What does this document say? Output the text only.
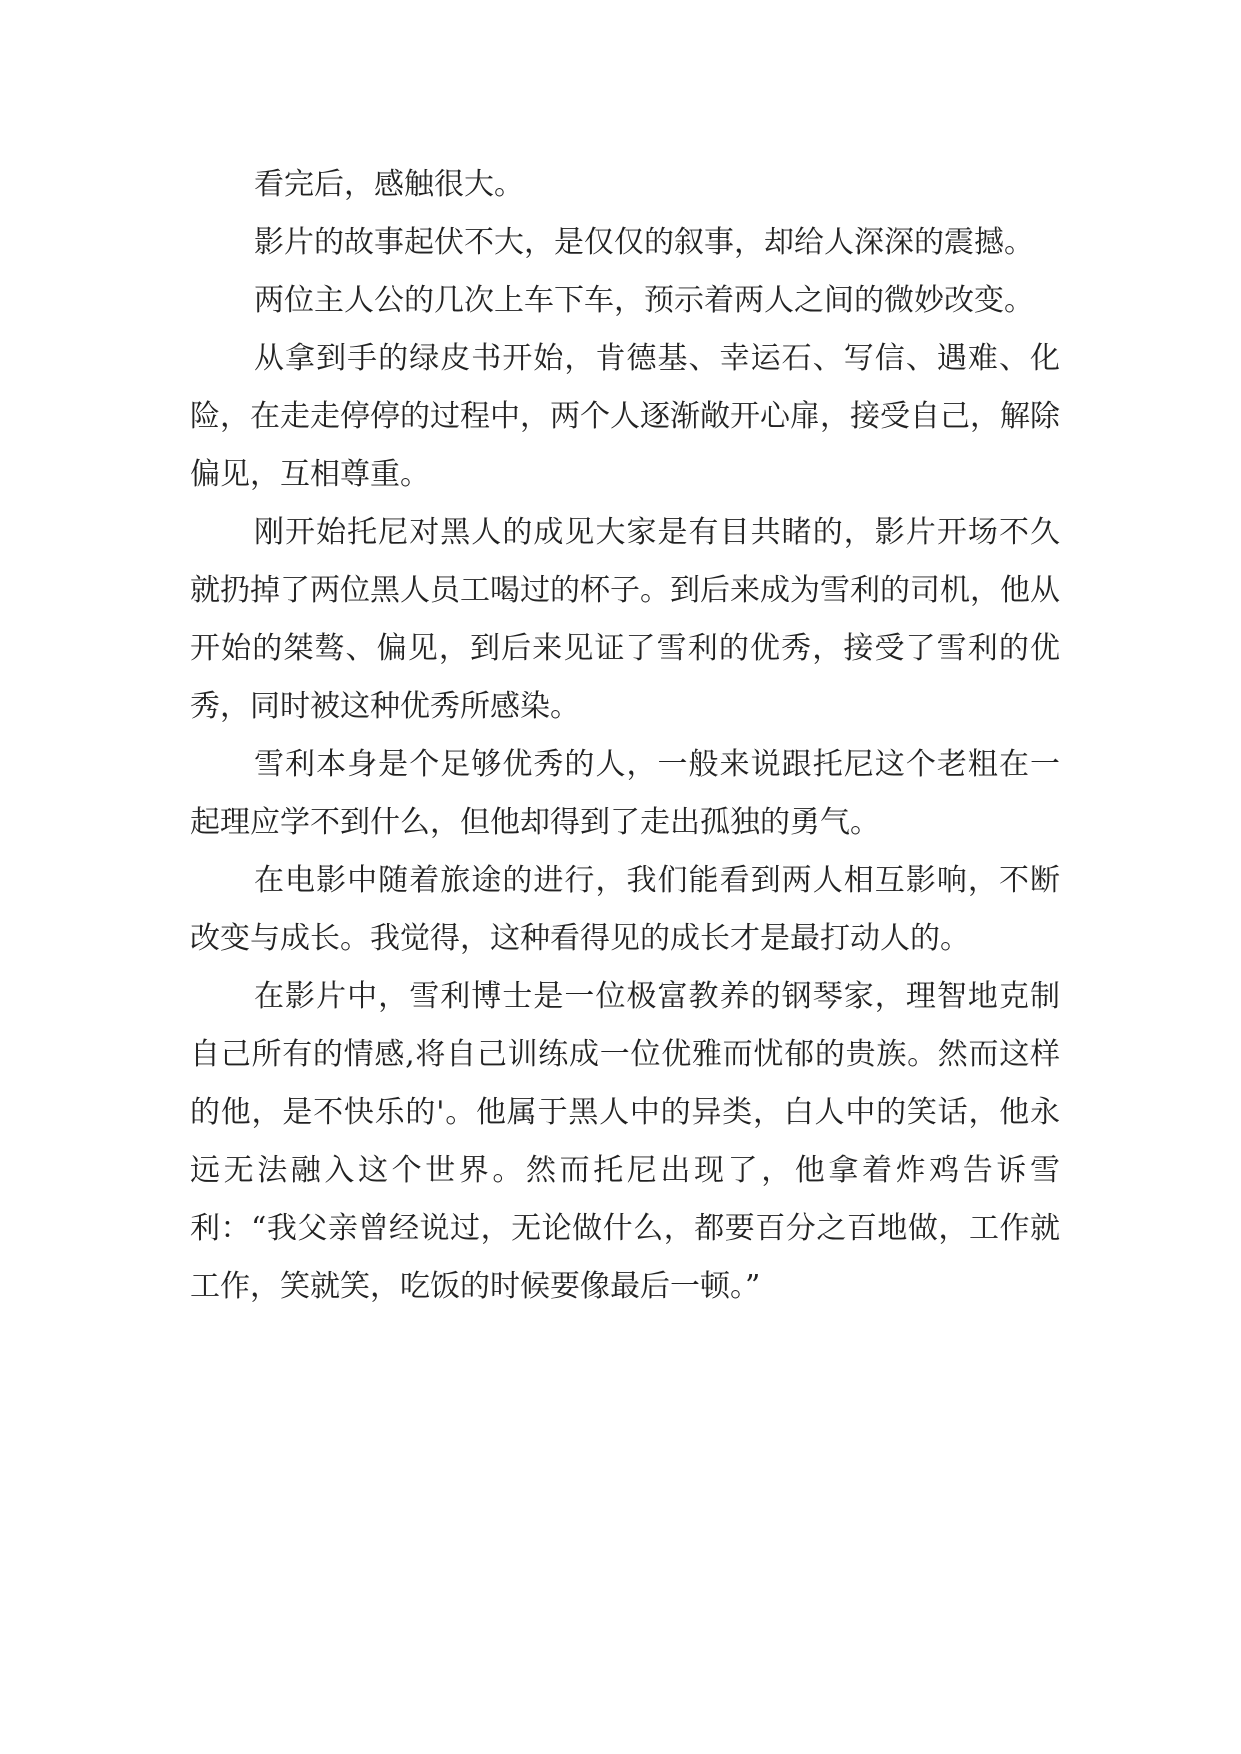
看完后，感触很大。

影片的故事起伏不大，是仅仅的叙事，却给人深深的震撼。

两位主人公的几次上车下车，预示着两人之间的微妙改变。

从拿到手的绿皮书开始，肯德基、幸运石、写信、遇难、化险，在走走停停的过程中，两个人逐渐敞开心扉，接受自己，解除偏见，互相尊重。

刚开始托尼对黑人的成见大家是有目共睹的，影片开场不久就扔掉了两位黑人员工喝过的杯子。到后来成为雪利的司机，他从开始的桀骜、偏见，到后来见证了雪利的优秀，接受了雪利的优秀，同时被这种优秀所感染。

雪利本身是个足够优秀的人，一般来说跟托尼这个老粗在一起理应学不到什么，但他却得到了走出孤独的勇气。

在电影中随着旅途的进行，我们能看到两人相互影响，不断改变与成长。我觉得，这种看得见的成长才是最打动人的。

在影片中，雪利博士是一位极富教养的钢琴家，理智地克制自己所有的情感,将自己训练成一位优雅而忧郁的贵族。然而这样的他，是不快乐的'。他属于黑人中的异类，白人中的笑话，他永远无法融入这个世界。然而托尼出现了，他拿着炸鸡告诉雪利：“我父亲曾经说过，无论做什么，都要百分之百地做，工作就工作，笑就笑，吃饭的时候要像最后一顿。”
